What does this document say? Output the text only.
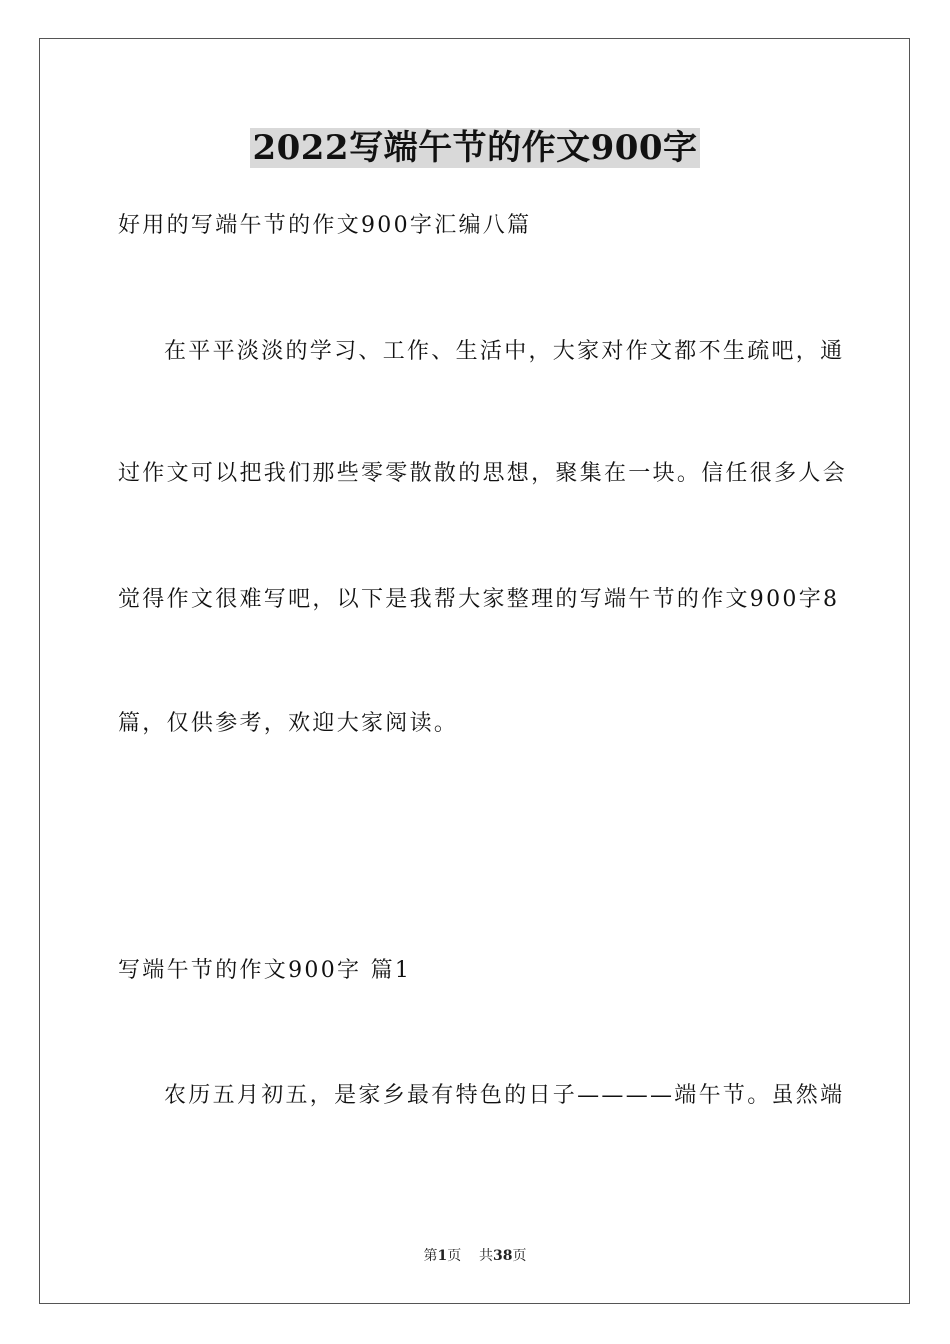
2022写端午节的作文900字
好用的写端午节的作文900字汇编八篇
在平平淡淡的学习、工作、生活中，大家对作文都不生疏吧，通
过作文可以把我们那些零零散散的思想，聚集在一块。信任很多人会
觉得作文很难写吧，以下是我帮大家整理的写端午节的作文900字8
篇，仅供参考，欢迎大家阅读。
写端午节的作文900字 篇1
农历五月初五，是家乡最有特色的日子————端午节。虽然端
第1页 共38页
